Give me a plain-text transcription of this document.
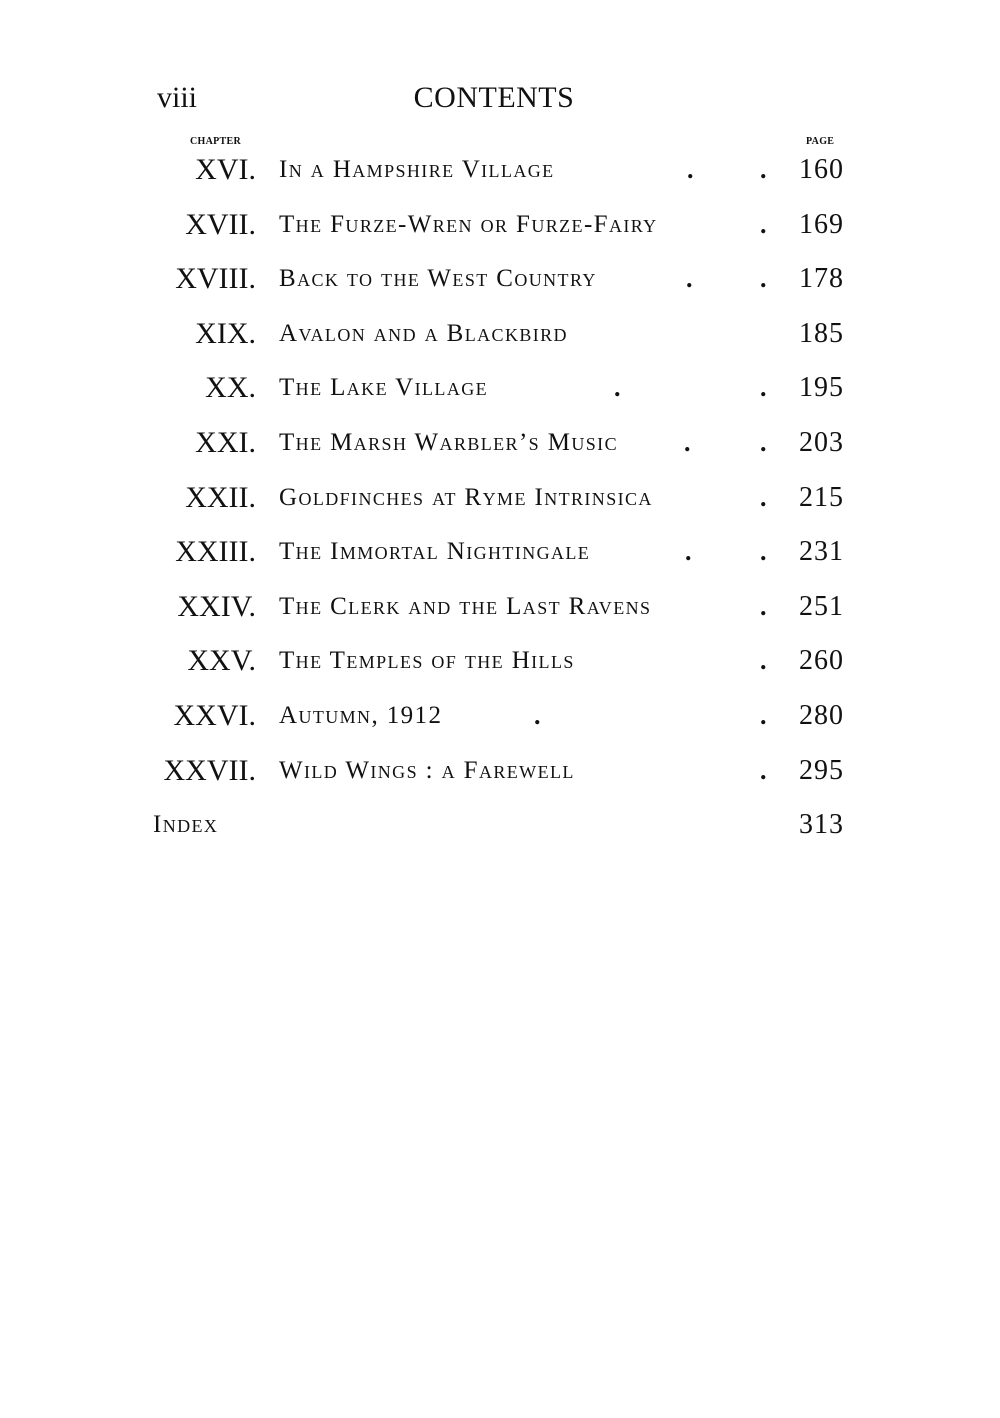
viii	CONTENTS
CHAPTER	PAGE
XVI. In a Hampshire Village	.	. 160
XVII. The Furze-Wren or Furze-Fairy	. 169
XVIII. Back to the West Country	.	. 178
XIX. Avalon and a Blackbird	185
XX. The Lake Village	.	. 195
XXI. The Marsh Warbler’s Music	.	. 203
XXII. Goldfinches at Ryme Intrinsica	. 215
XXIII. The Immortal Nightingale	.	. 231
XXIV. The Clerk and the Last Ravens	. 251
XXV. The Temples of the Hills	. 260
XXVI. Autumn, 1912	.	. 280
XXVII. Wild Wings : a Farewell	. 295
Index	313
